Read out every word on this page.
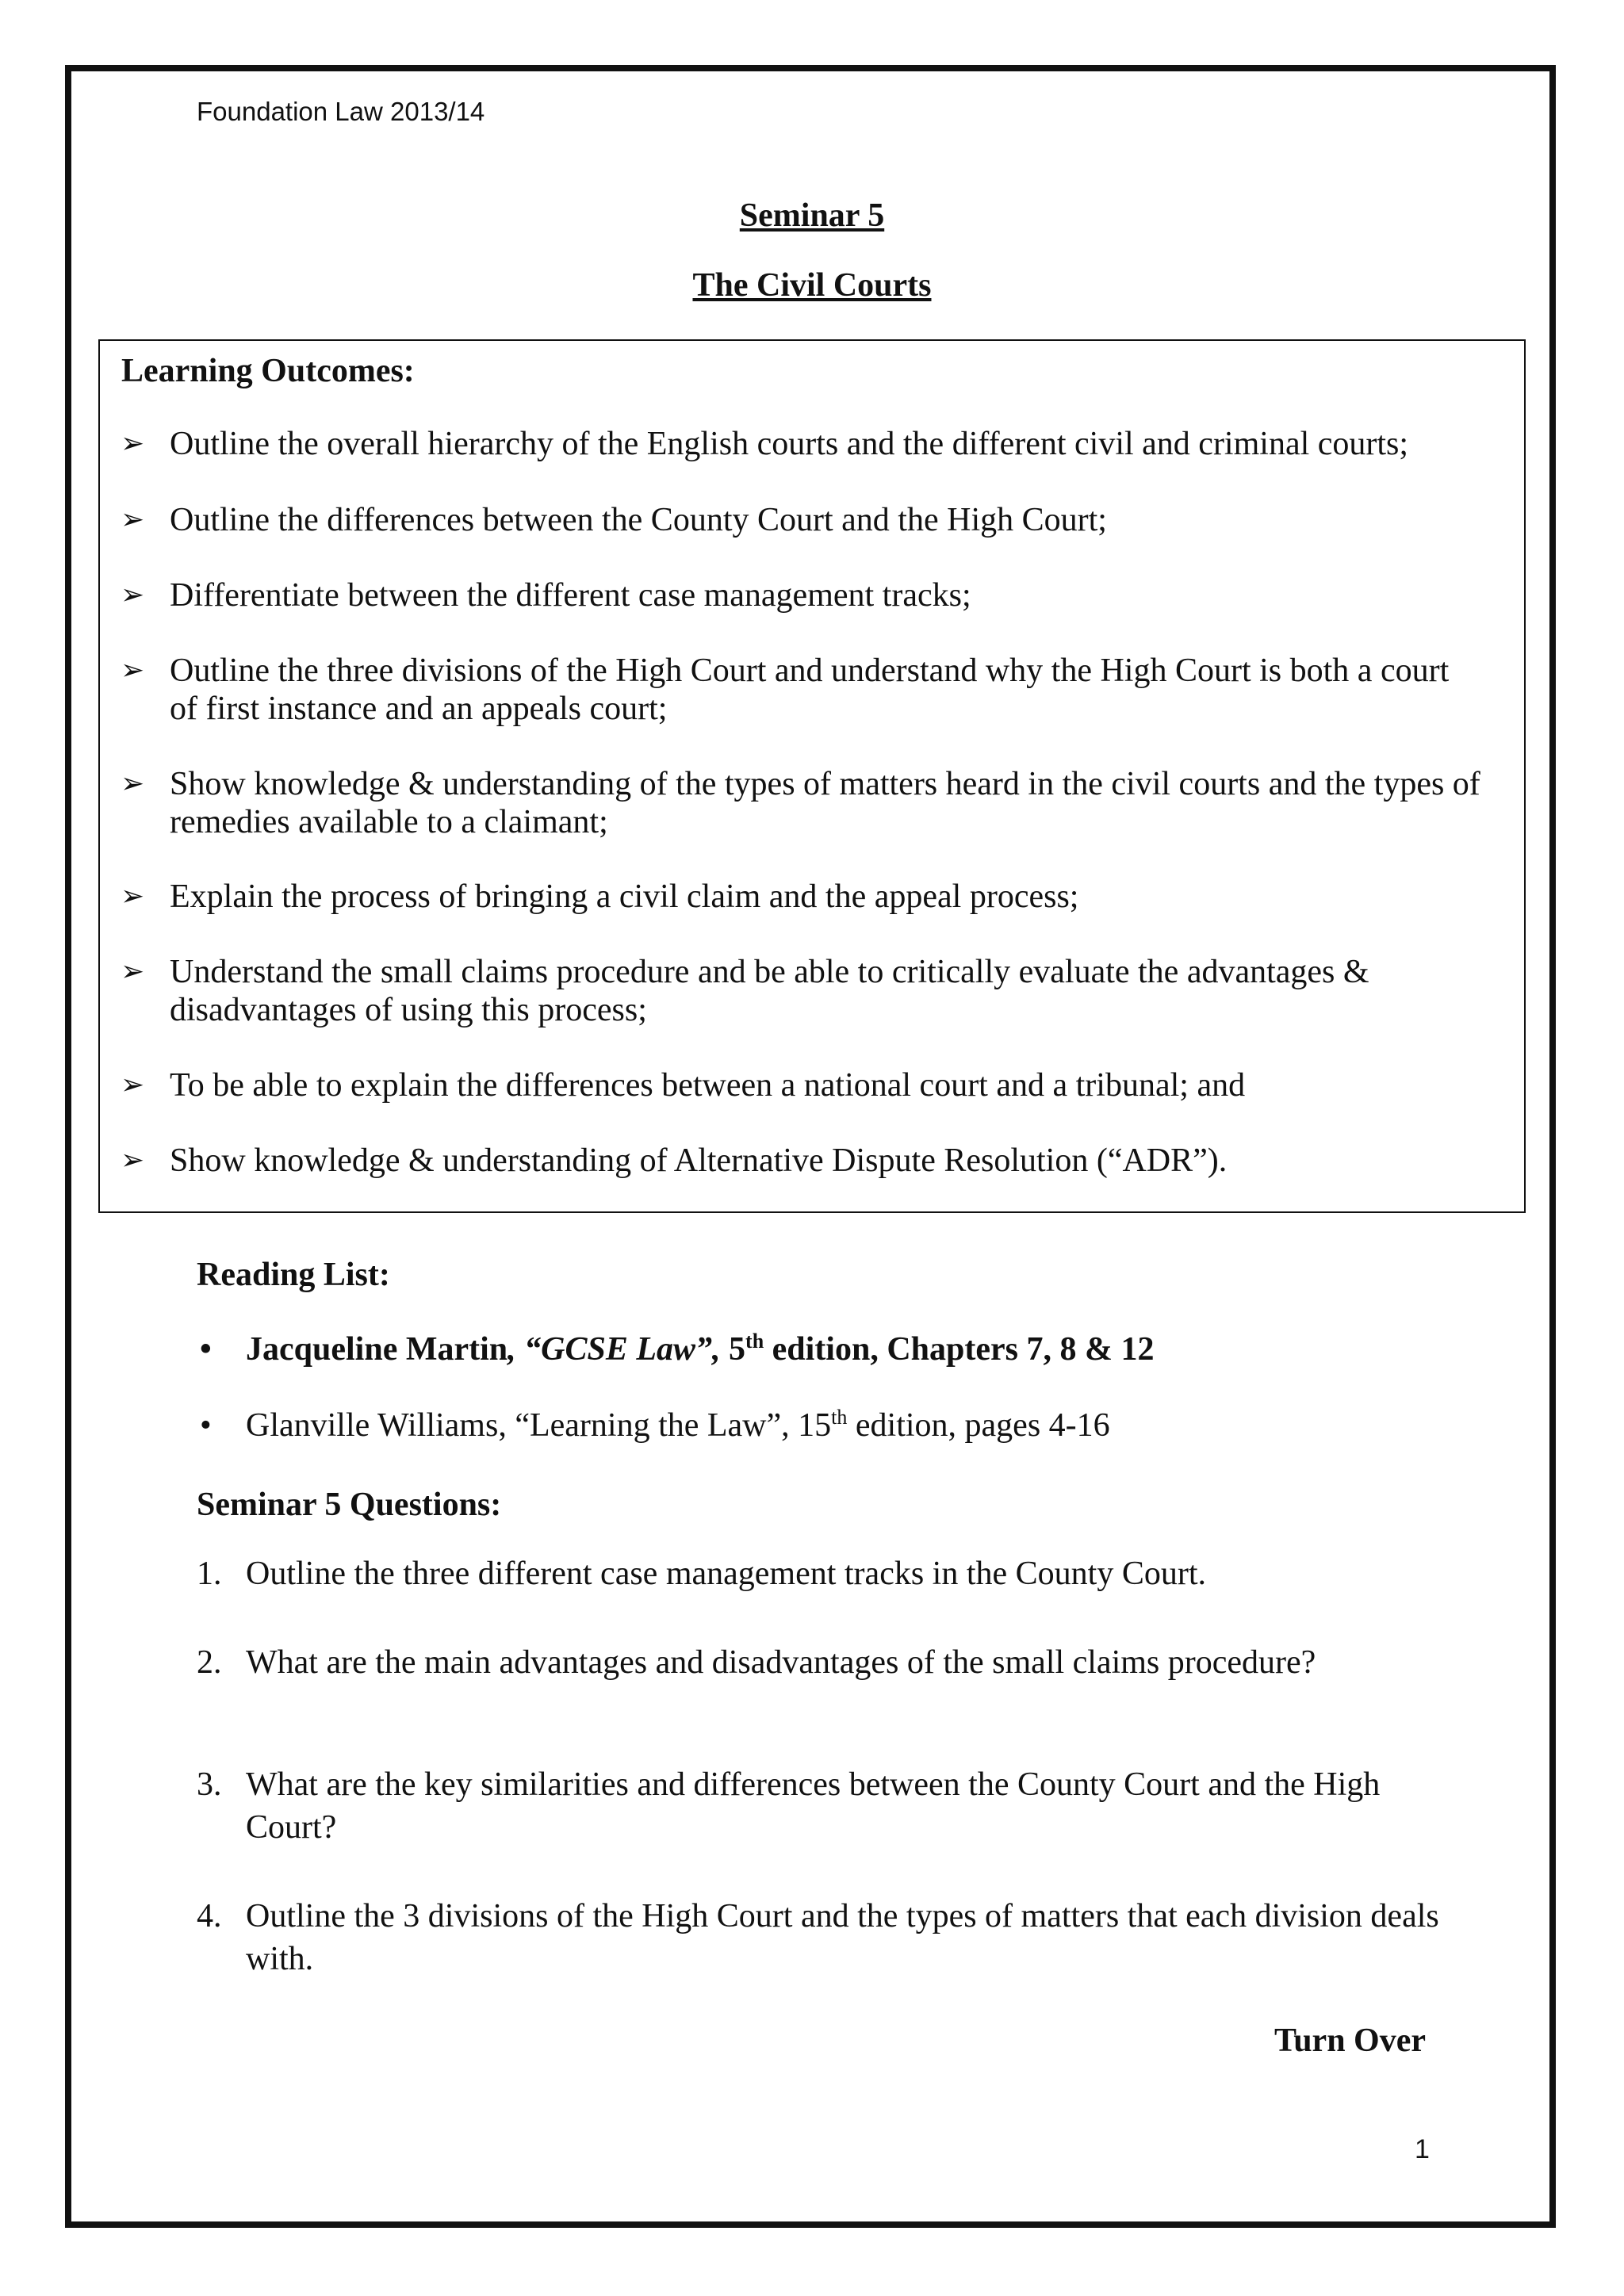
Foundation Law 2013/14
Seminar 5
The Civil Courts
Learning Outcomes:
➢ Outline the overall hierarchy of the English courts and the different civil and criminal courts;
➢ Outline the differences between the County Court and the High Court;
➢ Differentiate between the different case management tracks;
➢ Outline the three divisions of the High Court and understand why the High Court is both a court of first instance and an appeals court;
➢ Show knowledge & understanding of the types of matters heard in the civil courts and the types of remedies available to a claimant;
➢ Explain the process of bringing a civil claim and the appeal process;
➢ Understand the small claims procedure and be able to critically evaluate the advantages & disadvantages of using this process;
➢ To be able to explain the differences between a national court and a tribunal; and
➢ Show knowledge & understanding of Alternative Dispute Resolution (“ADR”).
Reading List:
• Jacqueline Martin, “GCSE Law”, 5th edition, Chapters 7, 8 & 12
• Glanville Williams, “Learning the Law”, 15th edition, pages 4-16
Seminar 5 Questions:
1. Outline the three different case management tracks in the County Court.
2. What are the main advantages and disadvantages of the small claims procedure?
3. What are the key similarities and differences between the County Court and the High Court?
4. Outline the 3 divisions of the High Court and the types of matters that each division deals with.
Turn Over
1
